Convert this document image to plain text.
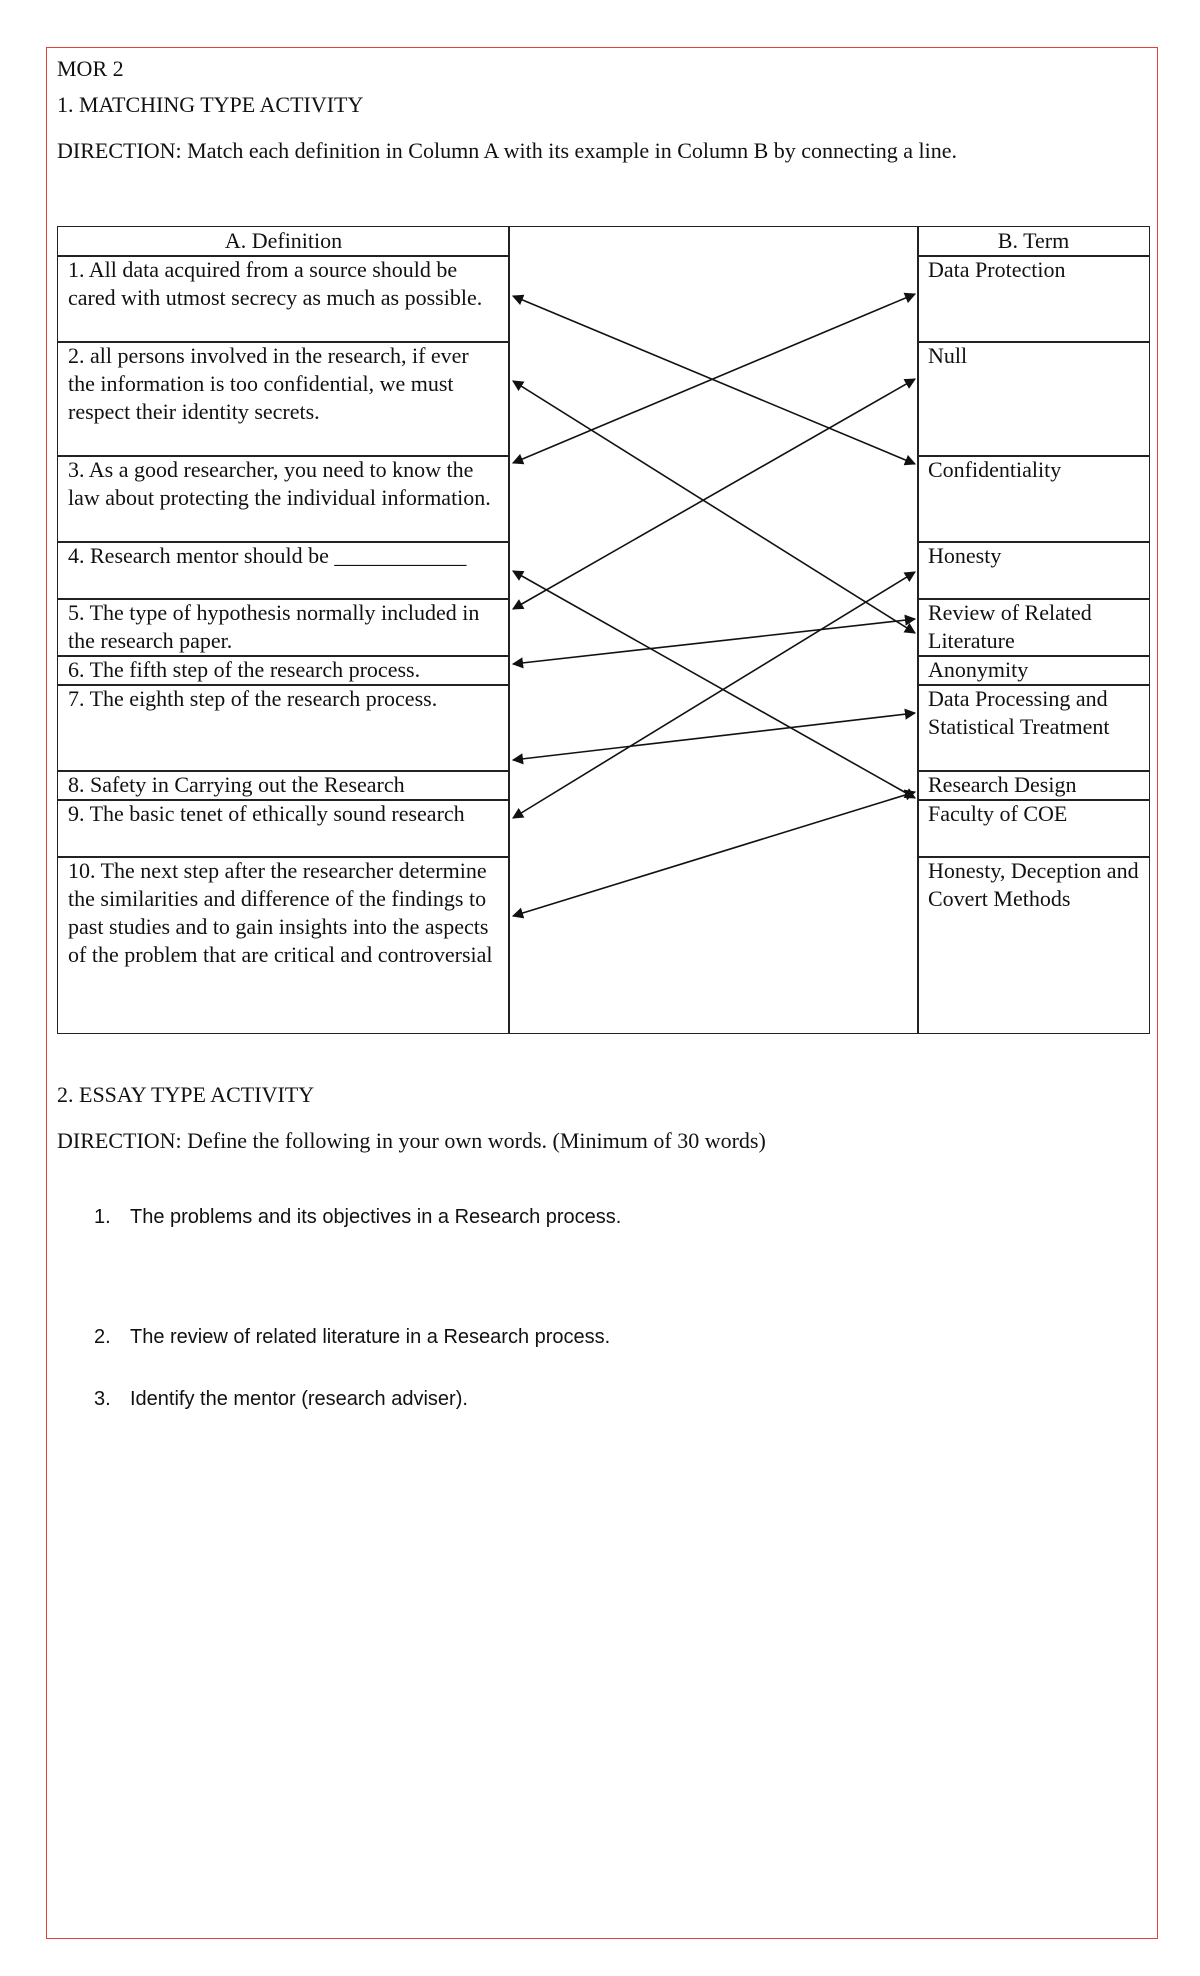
MOR 2
1. MATCHING TYPE ACTIVITY
DIRECTION: Match each definition in Column A with its example in Column B by connecting a line.
A. Definition	B. Term
1. All data acquired from a source should be cared with utmost secrecy as much as possible.
2. all persons involved in the research, if ever the information is too confidential, we must respect their identity secrets.
3. As a good researcher, you need to know the law about protecting the individual information.
4. Research mentor should be ____________
5. The type of hypothesis normally included in the research paper.
6. The fifth step of the research process.
7. The eighth step of the research process.
8. Safety in Carrying out the Research
9. The basic tenet of ethically sound research
10. The next step after the researcher determine the similarities and difference of the findings to past studies and to gain insights into the aspects of the problem that are critical and controversial
Data Protection
Null
Confidentiality
Honesty
Review of Related Literature
Anonymity
Data Processing and Statistical Treatment
Research Design
Faculty of COE
Honesty, Deception and Covert Methods
2. ESSAY TYPE ACTIVITY
DIRECTION: Define the following in your own words. (Minimum of 30 words)
1. The problems and its objectives in a Research process.
2. The review of related literature in a Research process.
3. Identify the mentor (research adviser).
